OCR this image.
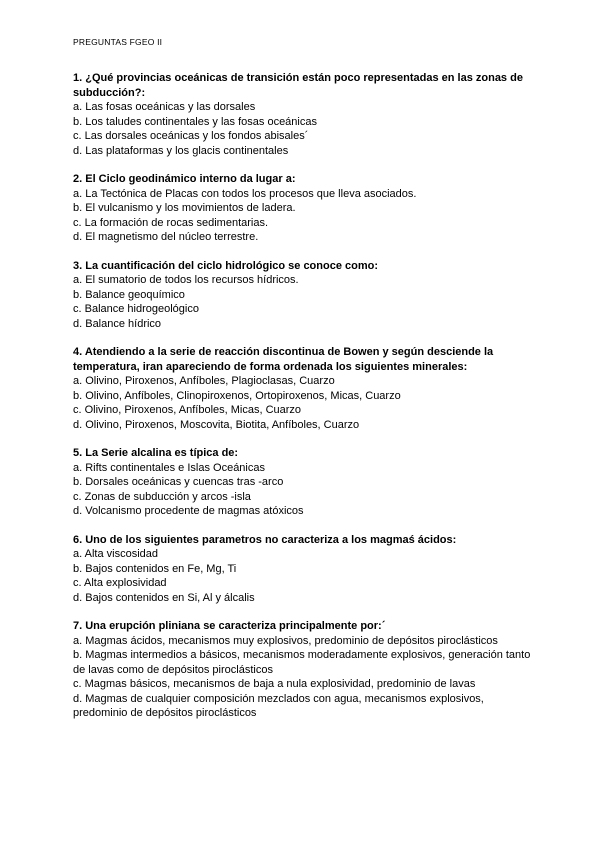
PREGUNTAS FGEO II

1. ¿Qué provincias oceánicas de transición están poco representadas en las zonas de subducción?:

a. Las fosas oceánicas y las dorsales

b. Los taludes continentales y las fosas oceánicas

c. Las dorsales oceánicas y los fondos abisales´

d. Las plataformas y los glacis continentales

2. El Ciclo geodinámico interno da lugar a:

a. La Tectónica de Placas con todos los procesos que lleva asociados.

b. El vulcanismo y los movimientos de ladera.

c. La formación de rocas sedimentarias.

d. El magnetismo del núcleo terrestre.

3. La cuantificación del ciclo hidrológico se conoce como:

a. El sumatorio de todos los recursos hídricos.

b. Balance geoquímico

c. Balance hidrogeológico

d. Balance hídrico

4. Atendiendo a la serie de reacción discontinua de Bowen y según desciende la temperatura, iran apareciendo de forma ordenada los siguientes minerales:

a. Olivino, Piroxenos, Anfíboles, Plagioclasas, Cuarzo

b. Olivino, Anfíboles, Clinopiroxenos, Ortopiroxenos, Micas, Cuarzo

c. Olivino, Piroxenos, Anfíboles, Micas, Cuarzo

d. Olivino, Piroxenos, Moscovita, Biotita, Anfíboles, Cuarzo

5. La Serie alcalina es típica de:

a. Rifts continentales e Islas Oceánicas

b. Dorsales oceánicas y cuencas tras -arco

c. Zonas de subducción y arcos -isla

d. Volcanismo procedente de magmas atóxicos

6. Uno de los siguientes parametros no caracteriza a los magmaś ácidos:

a. Alta viscosidad

b. Bajos contenidos en Fe, Mg, Ti

c. Alta explosividad

d. Bajos contenidos en Si, Al y álcalis

7. Una erupción pliniana se caracteriza principalmente por:´

a. Magmas ácidos, mecanismos muy explosivos, predominio de depósitos piroclásticos

b. Magmas intermedios a básicos, mecanismos moderadamente explosivos, generación tanto de lavas como de depósitos piroclásticos

c. Magmas básicos, mecanismos de baja a nula explosividad, predominio de lavas

d. Magmas de cualquier composición mezclados con agua, mecanismos explosivos, predominio de depósitos piroclásticos
